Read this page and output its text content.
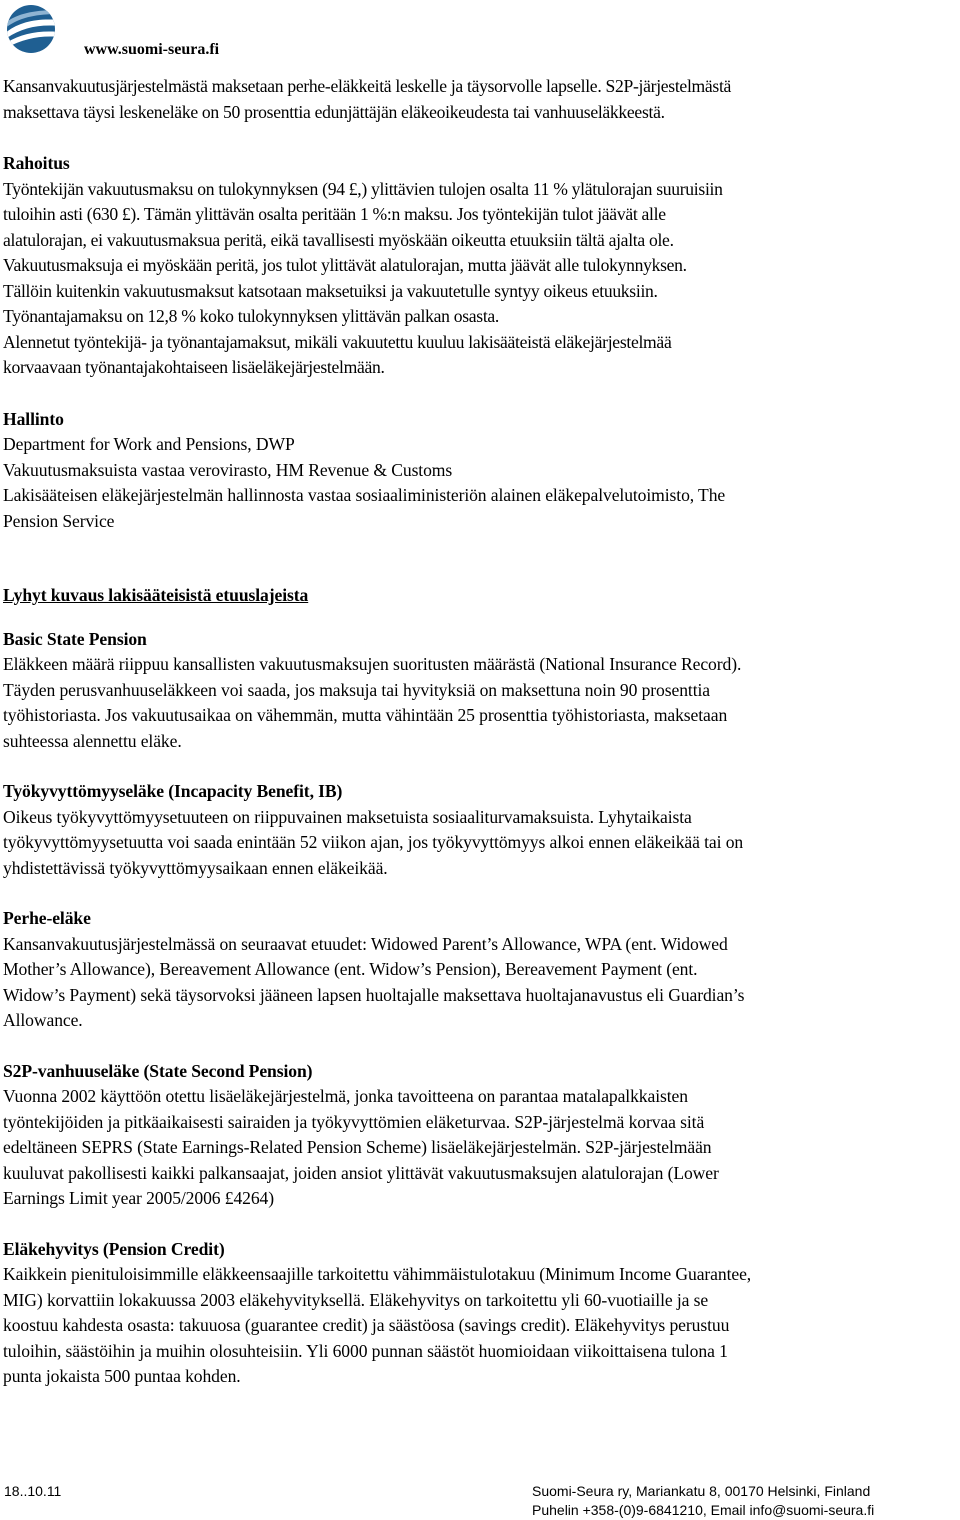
www.suomi-seura.fi

Kansanvakuutusjärjestelmästä maksetaan perhe-eläkkeitä leskelle ja täysorvolle lapselle. S2P-järjestelmästä
maksettava täysi leskeneläke on 50 prosenttia edunjättäjän eläkeoikeudesta tai vanhuuseläkkeestä.

Rahoitus

Työntekijän vakuutusmaksu on tulokynnyksen (94 £,) ylittävien tulojen osalta 11 % ylätulorajan suuruisiin
tuloihin asti (630 £). Tämän ylittävän osalta peritään 1 %:n maksu. Jos työntekijän tulot jäävät alle
alatulorajan, ei vakuutusmaksua peritä, eikä tavallisesti myöskään oikeutta etuuksiin tältä ajalta ole.
Vakuutusmaksuja ei myöskään peritä, jos tulot ylittävät alatulorajan, mutta jäävät alle tulokynnyksen.
Tällöin kuitenkin vakuutusmaksut katsotaan maksetuiksi ja vakuutetulle syntyy oikeus etuuksiin.
Työnantajamaksu on 12,8 % koko tulokynnyksen ylittävän palkan osasta.
Alennetut työntekijä- ja työnantajamaksut, mikäli vakuutettu kuuluu lakisääteistä eläkejärjestelmää
korvaavaan työnantajakohtaiseen lisäeläkejärjestelmään.

Hallinto

Department for Work and Pensions, DWP
Vakuutusmaksuista vastaa verovirasto, HM Revenue & Customs
Lakisääteisen eläkejärjestelmän hallinnosta vastaa sosiaaliministeriön alainen eläkepalvelutoimisto, The
Pension Service

Lyhyt kuvaus lakisääteisistä etuuslajeista

Basic State Pension

Eläkkeen määrä riippuu kansallisten vakuutusmaksujen suoritusten määrästä (National Insurance Record).
Täyden perusvanhuuseläkkeen voi saada, jos maksuja tai hyvityksiä on maksettuna noin 90 prosenttia
työhistoriasta. Jos vakuutusaikaa on vähemmän, mutta vähintään 25 prosenttia työhistoriasta, maksetaan
suhteessa alennettu eläke.

Työkyvyttömyyseläke (Incapacity Benefit, IB)

Oikeus työkyvyttömyysetuuteen on riippuvainen maksetuista sosiaaliturvamaksuista. Lyhytaikaista
työkyvyttömyysetuutta voi saada enintään 52 viikon ajan, jos työkyvyttömyys alkoi ennen eläkeikää tai on
yhdistettävissä työkyvyttömyysaikaan ennen eläkeikää.

Perhe-eläke

Kansanvakuutusjärjestelmässä on seuraavat etuudet: Widowed Parent’s Allowance, WPA (ent. Widowed
Mother’s Allowance), Bereavement Allowance (ent. Widow’s Pension), Bereavement Payment (ent.
Widow’s Payment) sekä täysorvoksi jääneen lapsen huoltajalle maksettava huoltajanavustus eli Guardian’s
Allowance.

S2P-vanhuuseläke (State Second Pension)

Vuonna 2002 käyttöön otettu lisäeläkejärjestelmä, jonka tavoitteena on parantaa matalapalkkaisten
työntekijöiden ja pitkäaikaisesti sairaiden ja työkyvyttömien eläketurvaa. S2P-järjestelmä korvaa sitä
edeltäneen SEPRS (State Earnings-Related Pension Scheme) lisäeläkejärjestelmän. S2P-järjestelmään
kuuluvat pakollisesti kaikki palkansaajat, joiden ansiot ylittävät vakuutusmaksujen alatulorajan (Lower
Earnings Limit year 2005/2006 £4264)

Eläkehyvitys (Pension Credit)

Kaikkein pienituloisimmille eläkkeensaajille tarkoitettu vähimmäistulotakuu (Minimum Income Guarantee,
MIG) korvattiin lokakuussa 2003 eläkehyvityksellä. Eläkehyvitys on tarkoitettu yli 60-vuotiaille ja se
koostuu kahdesta osasta: takuuosa (guarantee credit) ja säästöosa (savings credit). Eläkehyvitys perustuu
tuloihin, säästöihin ja muihin olosuhteisiin. Yli 6000 punnan säästöt huomioidaan viikoittaisena tulona 1
punta jokaista 500 puntaa kohden.

18..10.11	Suomi-Seura ry, Mariankatu 8, 00170 Helsinki, Finland
Puhelin +358-(0)9-6841210, Email info@suomi-seura.fi
